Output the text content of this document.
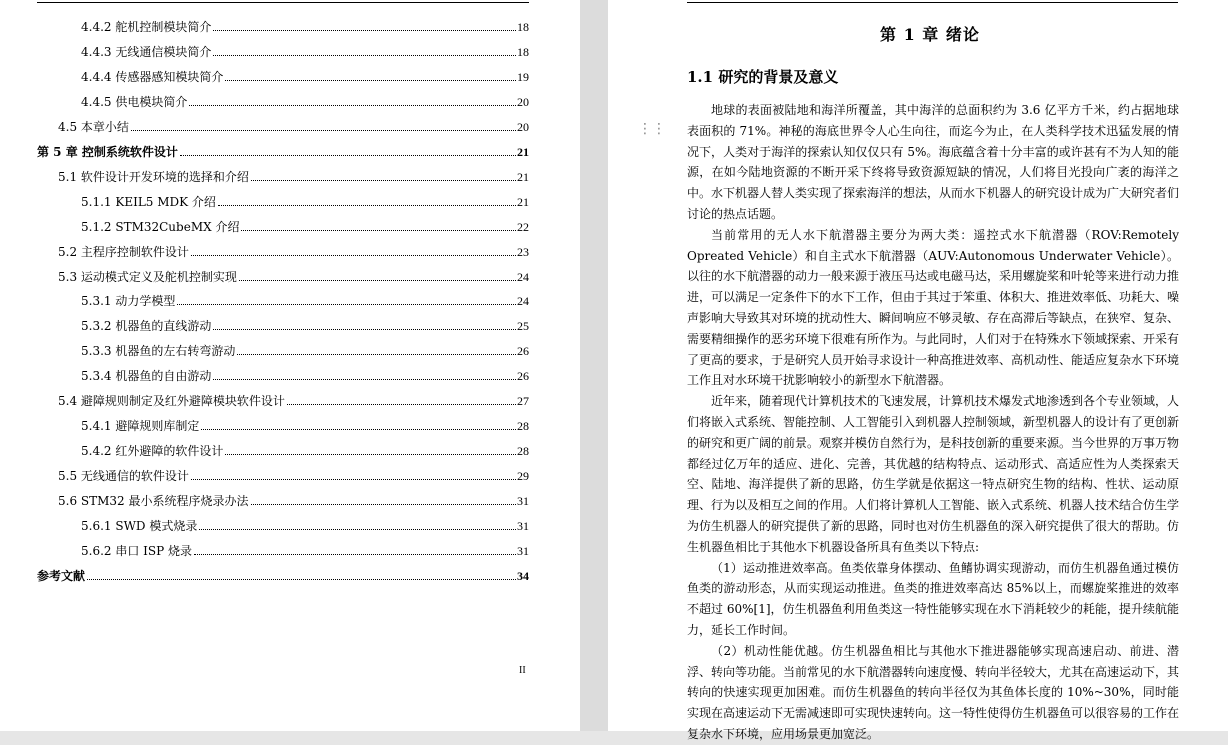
4.4.2 舵机控制模块简介	18
4.4.3 无线通信模块简介	18
4.4.4 传感器感知模块简介	19
4.4.5 供电模块简介	20
4.5 本章小结	20
第 5 章 控制系统软件设计	21
5.1 软件设计开发环境的选择和介绍	21
5.1.1 KEIL5 MDK 介绍	21
5.1.2 STM32CubeMX 介绍	22
5.2 主程序控制软件设计	23
5.3 运动模式定义及舵机控制实现	24
5.3.1 动力学模型	24
5.3.2 机器鱼的直线游动	25
5.3.3 机器鱼的左右转弯游动	26
5.3.4 机器鱼的自由游动	26
5.4 避障规则制定及红外避障模块软件设计	27
5.4.1 避障规则库制定	28
5.4.2 红外避障的软件设计	28
5.5 无线通信的软件设计	29
5.6 STM32 最小系统程序烧录办法	31
5.6.1 SWD 模式烧录	31
5.6.2 串口 ISP 烧录	31
参考文献	34
II
⋮⋮
第 1 章 绪论
1.1 研究的背景及意义

地球的表面被陆地和海洋所覆盖，其中海洋的总面积约为 3.6 亿平方千米，约占据地球表面积的 71%。神秘的海底世界令人心生向往，而迄今为止，在人类科学技术迅猛发展的情况下，人类对于海洋的探索认知仅仅只有 5%。海底蕴含着十分丰富的或许甚有不为人知的能源，在如今陆地资源的不断开采下终将导致资源短缺的情况，人们将目光投向广袤的海洋之中。水下机器人替人类实现了探索海洋的想法，从而水下机器人的研究设计成为广大研究者们讨论的热点话题。

当前常用的无人水下航潜器主要分为两大类：遥控式水下航潜器（ROV:Remotely Opreated Vehicle）和自主式水下航潜器（AUV:Autonomous Underwater Vehicle）。以往的水下航潜器的动力一般来源于液压马达或电磁马达，采用螺旋桨和叶轮等来进行动力推进，可以满足一定条件下的水下工作，但由于其过于笨重、体积大、推进效率低、功耗大、噪声影响大导致其对环境的扰动性大、瞬间响应不够灵敏、存在高滞后等缺点，在狭窄、复杂、需要精细操作的恶劣环境下很难有所作为。与此同时，人们对于在特殊水下领域探索、开采有了更高的要求，于是研究人员开始寻求设计一种高推进效率、高机动性、能适应复杂水下环境工作且对水环境干扰影响较小的新型水下航潜器。

近年来，随着现代计算机技术的飞速发展，计算机技术爆发式地渗透到各个专业领域，人们将嵌入式系统、智能控制、人工智能引入到机器人控制领域，新型机器人的设计有了更创新的研究和更广阔的前景。观察并模仿自然行为，是科技创新的重要来源。当今世界的万事万物都经过亿万年的适应、进化、完善，其优越的结构特点、运动形式、高适应性为人类探索天空、陆地、海洋提供了新的思路，仿生学就是依据这一特点研究生物的结构、性状、运动原理、行为以及相互之间的作用。人们将计算机人工智能、嵌入式系统、机器人技术结合仿生学为仿生机器人的研究提供了新的思路，同时也对仿生机器鱼的深入研究提供了很大的帮助。仿生机器鱼相比于其他水下机器设备所具有鱼类以下特点:

（1）运动推进效率高。鱼类依靠身体摆动、鱼鳍协调实现游动，而仿生机器鱼通过模仿鱼类的游动形态，从而实现运动推进。鱼类的推进效率高达 85%以上，而螺旋桨推进的效率不超过 60%[1]，仿生机器鱼利用鱼类这一特性能够实现在水下消耗较少的耗能，提升续航能力，延长工作时间。

（2）机动性能优越。仿生机器鱼相比与其他水下推进器能够实现高速启动、前进、潜浮、转向等功能。当前常见的水下航潜器转向速度慢、转向半径较大，尤其在高速运动下，其转向的快速实现更加困难。而仿生机器鱼的转向半径仅为其鱼体长度的 10%~30%，同时能实现在高速运动下无需减速即可实现快速转向。这一特性使得仿生机器鱼可以很容易的工作在复杂水下环境，应用场景更加宽泛。
